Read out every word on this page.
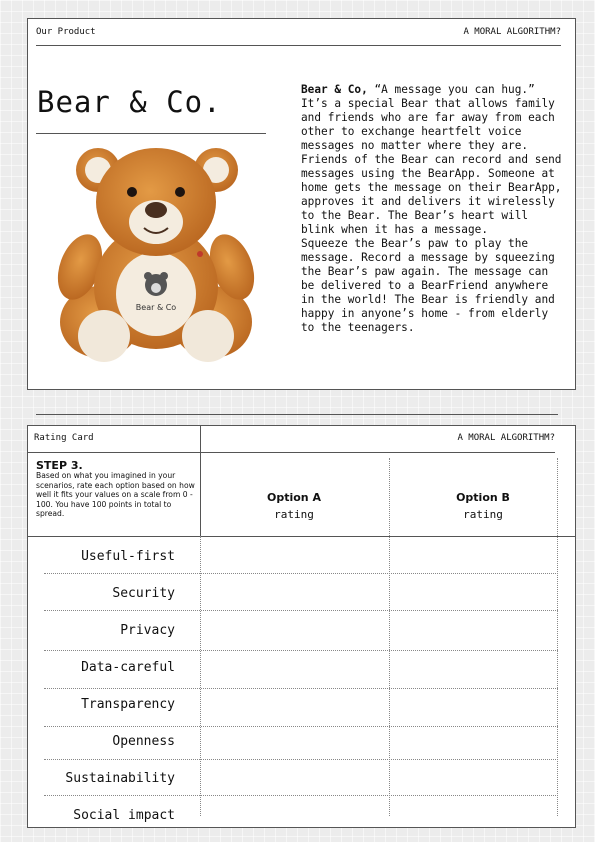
Our Product	A MORAL ALGORITHM?
Bear & Co.
Bear & Co
Bear & Co, “A message you can hug.” It’s a special Bear that allows family and friends who are far away from each other to exchange heartfelt voice messages no matter where they are.
Friends of the Bear can record and send messages using the BearApp. Someone at home gets the message on their BearApp, approves it and delivers it wirelessly to the Bear. The Bear’s heart will blink when it has a message.
Squeeze the Bear’s paw to play the message. Record a message by squeezing the Bear’s paw again. The message can be delivered to a BearFriend anywhere in the world! The Bear is friendly and happy in anyone’s home - from elderly to the teenagers.
Rating Card	A MORAL ALGORITHM?
STEP 3.
Based on what you imagined in your scenarios, rate each option based on how well it fits your values on a scale from 0 - 100. You have 100 points in total to spread.
Option A
rating
Option B
rating
Useful-first
Security
Privacy
Data-careful
Transparency
Openness
Sustainability
Social impact
